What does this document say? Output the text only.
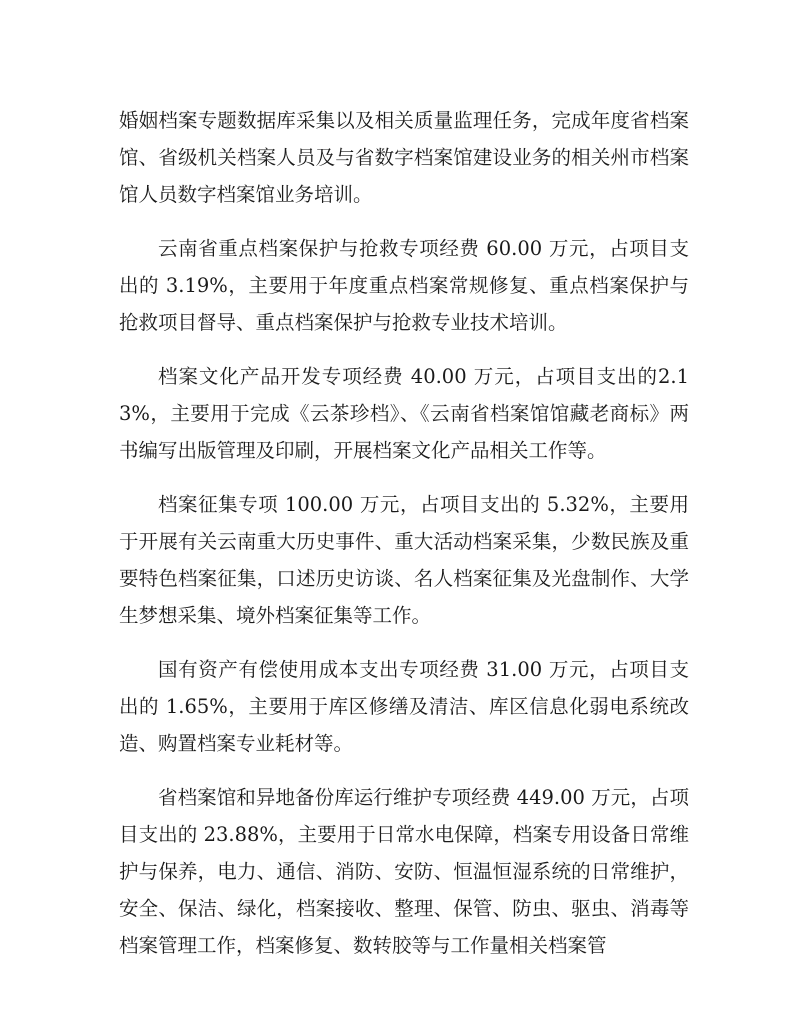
婚姻档案专题数据库采集以及相关质量监理任务，完成年度省档案馆、省级机关档案人员及与省数字档案馆建设业务的相关州市档案馆人员数字档案馆业务培训。

云南省重点档案保护与抢救专项经费 60.00 万元，占项目支出的 3.19%，主要用于年度重点档案常规修复、重点档案保护与抢救项目督导、重点档案保护与抢救专业技术培训。

档案文化产品开发专项经费 40.00 万元，占项目支出的2.13%，主要用于完成《云茶珍档》、《云南省档案馆馆藏老商标》两书编写出版管理及印刷，开展档案文化产品相关工作等。

档案征集专项 100.00 万元，占项目支出的 5.32%，主要用于开展有关云南重大历史事件、重大活动档案采集，少数民族及重要特色档案征集，口述历史访谈、名人档案征集及光盘制作、大学生梦想采集、境外档案征集等工作。

国有资产有偿使用成本支出专项经费 31.00 万元，占项目支出的 1.65%，主要用于库区修缮及清洁、库区信息化弱电系统改造、购置档案专业耗材等。

省档案馆和异地备份库运行维护专项经费 449.00 万元，占项目支出的 23.88%，主要用于日常水电保障，档案专用设备日常维护与保养，电力、通信、消防、安防、恒温恒湿系统的日常维护，安全、保洁、绿化，档案接收、整理、保管、防虫、驱虫、消毒等档案管理工作，档案修复、数转胶等与工作量相关档案管
